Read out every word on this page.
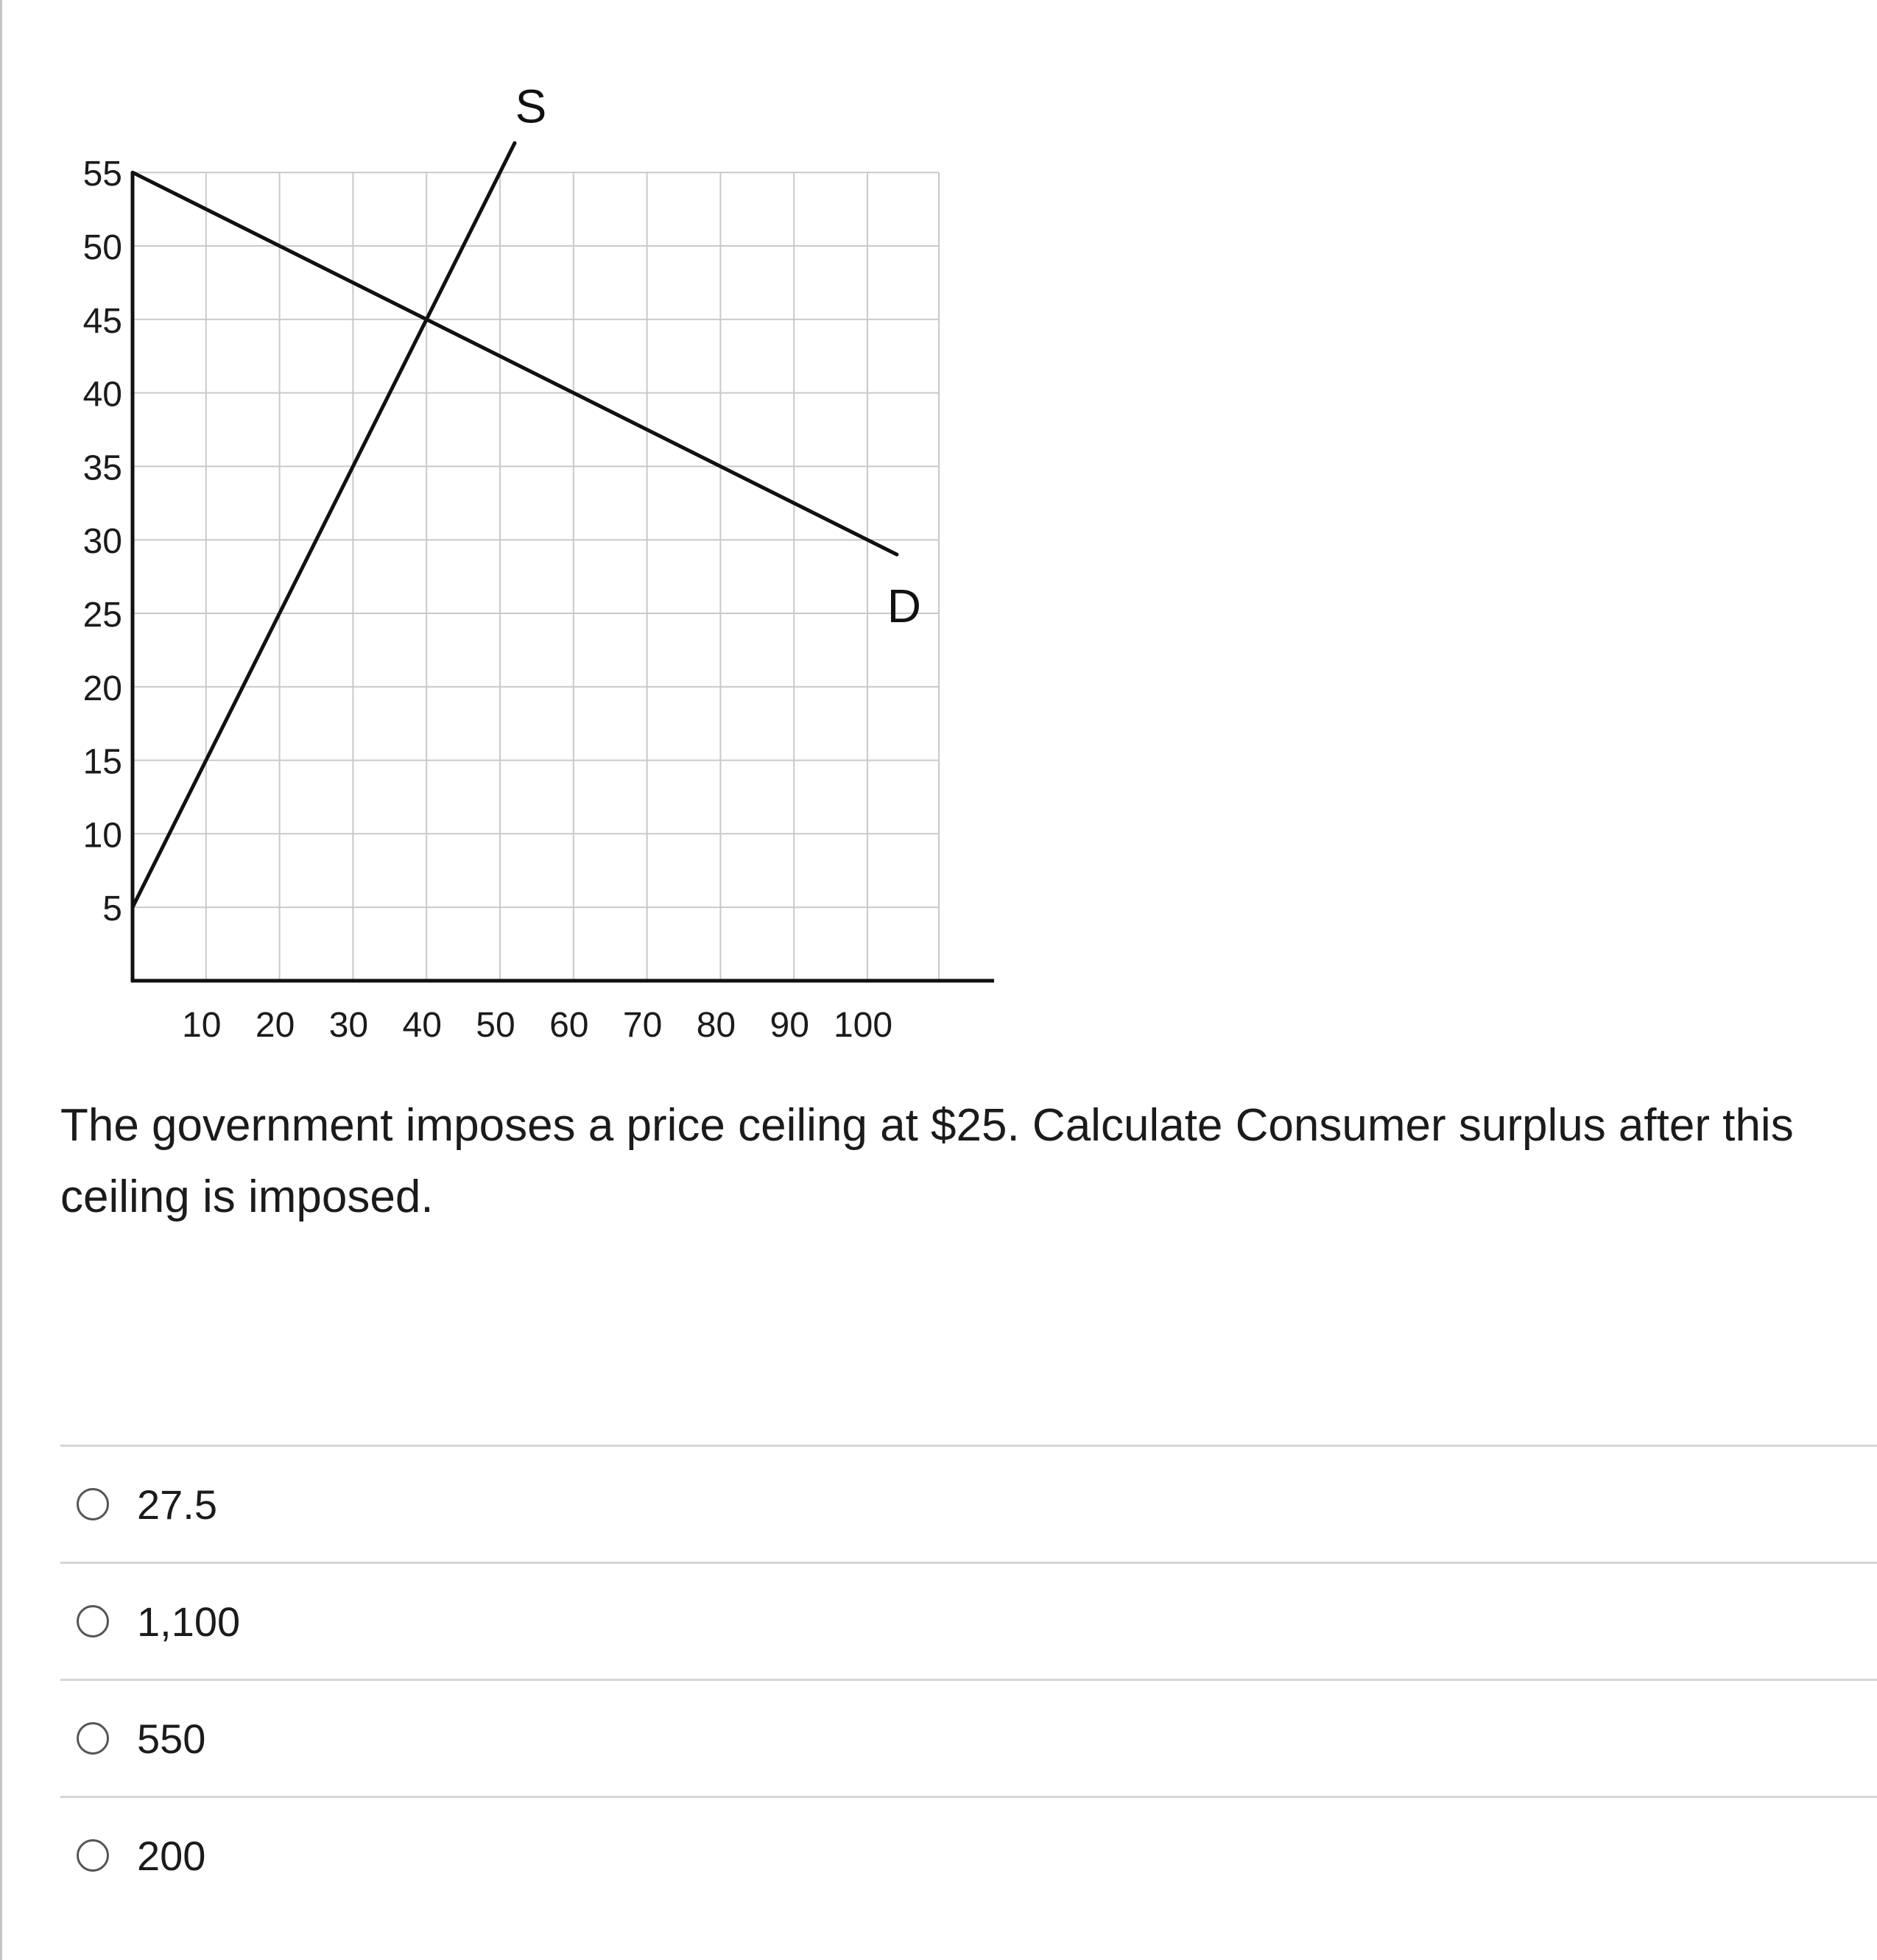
5
10
15
20
25
30
35
40
45
50
55
10 20 30 40 50 60 70 80 90 100
S
D
The government imposes a price ceiling at $25. Calculate Consumer surplus after this ceiling is imposed.
27.5
1,100
550
200
